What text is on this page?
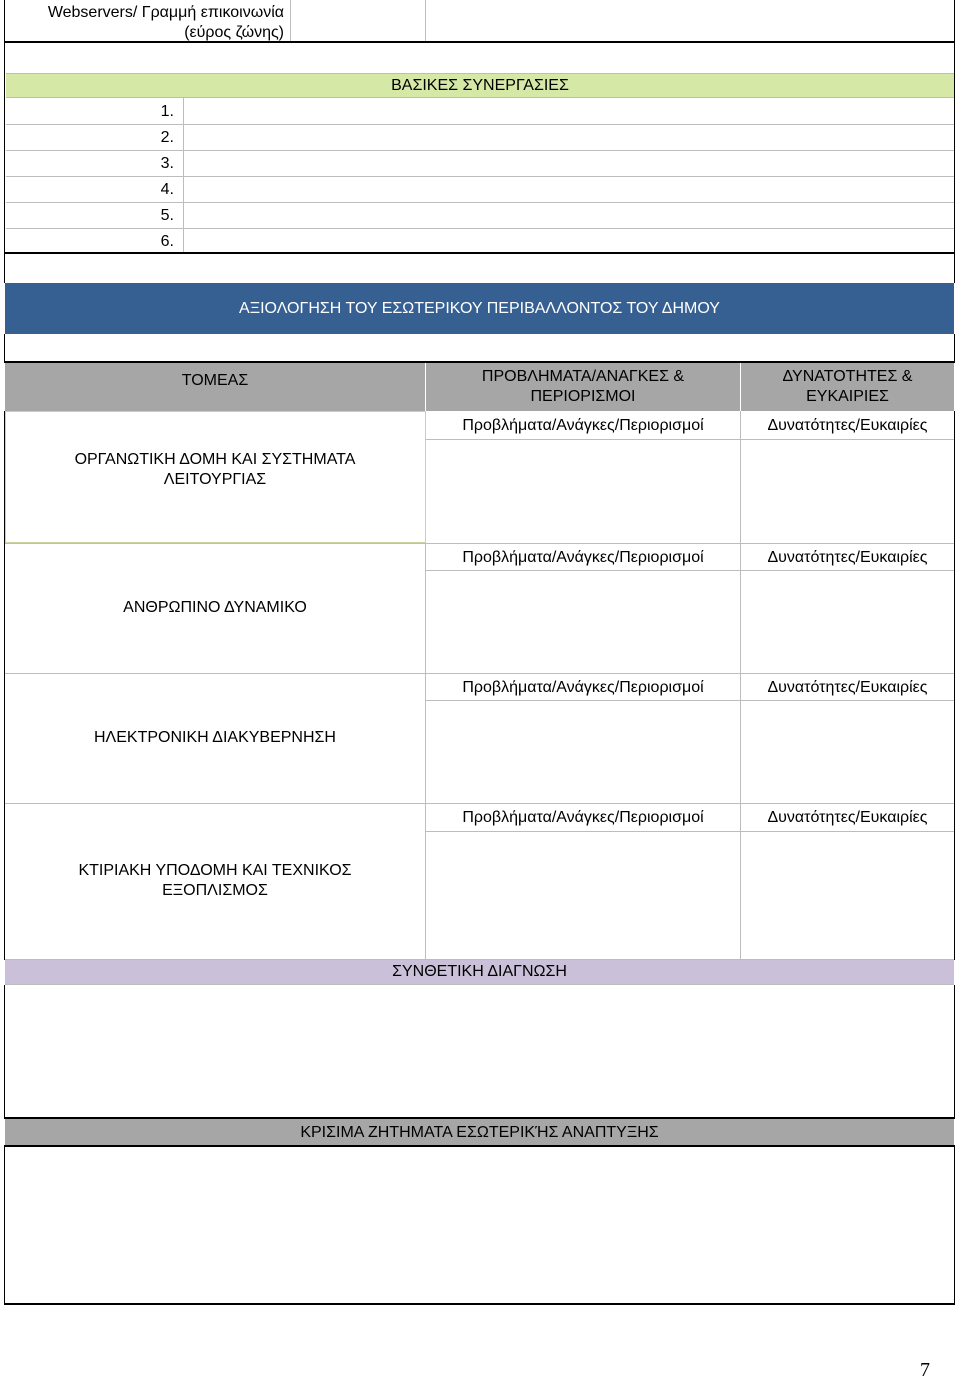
Webservers/ Γραμμή επικοινωνία
(εύρος ζώνης)
ΒΑΣΙΚΕΣ ΣΥΝΕΡΓΑΣΙΕΣ
1.
2.
3.
4.
5.
6.
ΑΞΙΟΛΟΓΗΣΗ ΤΟΥ ΕΣΩΤΕΡΙΚΟΥ ΠΕΡΙΒΑΛΛΟΝΤΟΣ ΤΟΥ ΔΗΜΟΥ
ΤΟΜΕΑΣ	ΠΡΟΒΛΗΜΑΤΑ/ΑΝΑΓΚΕΣ &
ΠΕΡΙΟΡΙΣΜΟΙ
ΔΥΝΑΤΟΤΗΤΕΣ &
ΕΥΚΑΙΡΙΕΣ
Προβλήματα/Ανάγκες/Περιορισμοί	Δυνατότητες/Ευκαιρίες
ΟΡΓΑΝΩΤΙΚΗ ΔΟΜΗ ΚΑΙ ΣΥΣΤΗΜΑΤΑ
ΛΕΙΤΟΥΡΓΙΑΣ
Προβλήματα/Ανάγκες/Περιορισμοί	Δυνατότητες/Ευκαιρίες
ΑΝΘΡΩΠΙΝΟ ΔΥΝΑΜΙΚΟ
Προβλήματα/Ανάγκες/Περιορισμοί	Δυνατότητες/Ευκαιρίες
ΗΛΕΚΤΡΟΝΙΚΗ ΔΙΑΚΥΒΕΡΝΗΣΗ
Προβλήματα/Ανάγκες/Περιορισμοί	Δυνατότητες/Ευκαιρίες
ΚΤΙΡΙΑΚΗ ΥΠΟΔΟΜΗ ΚΑΙ ΤΕΧΝΙΚΟΣ
ΕΞΟΠΛΙΣΜΟΣ
ΣΥΝΘΕΤΙΚΗ ΔΙΑΓΝΩΣΗ
ΚΡΙΣΙΜΑ ΖΗΤΗΜΑΤΑ ΕΣΩΤΕΡΙΚΉΣ ΑΝΑΠΤΥΞΗΣ
7
